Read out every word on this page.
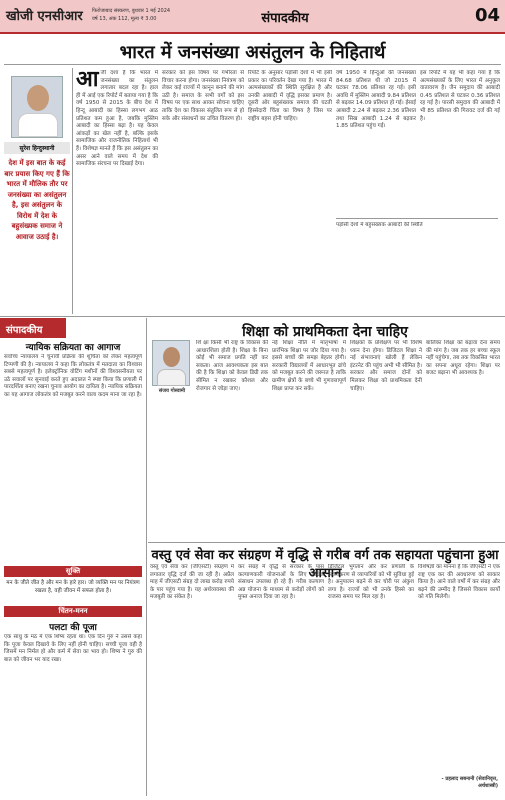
खोजी एनसीआर फिरोजाबाद संस्करण, बुधवार 1 मई 2024
वर्ष 13, अंक 112, मूल्य ₹ 3.00	संपादकीय	04
भारत में जनसंख्या असंतुलन के निहितार्थ
सुरेश हिन्दुस्थानी
देश में इस बात के कई बार प्रयास किए गए हैं कि भारत में मौलिक तौर पर जनसंख्या का असंतुलन है, इस असंतुलन के विरोध में देश के बहुसंख्यक समाज ने आवाज उठाई है।
आ जी दशा है कि भारत में जनसंख्या का संतुलन लगातार बदल रहा है। हाल ही में आई एक रिपोर्ट में बताया गया है कि वर्ष 1950 से 2015 के बीच देश में हिन्दू आबादी का हिस्सा लगभग आठ प्रतिशत कम हुआ है, जबकि मुस्लिम आबादी का हिस्सा बढ़ा है। यह केवल आंकड़ों का खेल नहीं है, बल्कि इसके सामाजिक और राजनीतिक निहितार्थ भी हैं। विशेषज्ञ मानते हैं कि इस असंतुलन का असर आने वाले समय में देश की सामाजिक संरचना पर दिखाई देगा।
सरकार को इस विषय पर गंभीरता से विचार करना होगा। जनसंख्या नियंत्रण को लेकर कई राज्यों में कानून बनाने की मांग उठी है। समाज के सभी वर्गों को इस विषय पर एक साथ आकर सोचना चाहिए ताकि देश का विकास संतुलित रूप से हो सके और संसाधनों का उचित वितरण हो।
रिपोर्ट के अनुसार पड़ोसी देशों में भी इसी प्रकार का परिवर्तन देखा गया है। भारत में अल्पसंख्यकों की स्थिति सुरक्षित है और उनकी आबादी में वृद्धि इसका प्रमाण है। दूसरी ओर बहुसंख्यक समाज की घटती हिस्सेदारी चिंता का विषय है जिस पर राष्ट्रीय बहस होनी चाहिए।
वर्ष 1950 में हिन्दुओं की जनसंख्या 84.68 प्रतिशत थी जो 2015 में घटकर 78.06 प्रतिशत रह गई। इसी अवधि में मुस्लिम आबादी 9.84 प्रतिशत से बढ़कर 14.09 प्रतिशत हो गई। ईसाई आबादी 2.24 से बढ़कर 2.36 प्रतिशत तथा सिख आबादी 1.24 से बढ़कर 1.85 प्रतिशत पहुंच गई।
इस रिपोर्ट में यह भी कहा गया है कि अल्पसंख्यकों के लिए भारत में अनुकूल वातावरण है। जैन समुदाय की आबादी 0.45 प्रतिशत से घटकर 0.36 प्रतिशत रह गई है। पारसी समुदाय की आबादी में भी 85 प्रतिशत की गिरावट दर्ज की गई है।
पड़ोसी देशों में बहुसंख्यक आबादी की स्थिति
संपादकीय
न्यायिक सक्रियता का आगाज
सर्वोच्च न्यायालय ने चुनावी प्रक्रिया की शुचिता को लेकर महत्वपूर्ण टिप्पणी की है। न्यायालय ने कहा कि लोकतंत्र में मतदाता का विश्वास सबसे महत्वपूर्ण है। इलेक्ट्रॉनिक वोटिंग मशीनों की विश्वसनीयता पर उठे सवालों पर सुनवाई करते हुए अदालत ने स्पष्ट किया कि प्रणाली में पारदर्शिता बनाए रखना चुनाव आयोग का दायित्व है। न्यायिक सक्रियता का यह आगाज लोकतंत्र को मजबूत करने वाला कदम माना जा रहा है।
सूक्ति
मन के जीते जीत है और मन के हारे हार। जो व्यक्ति मन पर नियंत्रण रखता है, वही जीवन में सफल होता है।
चिंतन-मनन
पलटा की पूजा
एक साधु के मठ में एक शिष्य रहता था। एक दिन गुरु ने उससे कहा कि पूजा केवल दिखावे के लिए नहीं होनी चाहिए। सच्ची पूजा वही है जिसमें मन निर्मल हो और कर्म में सेवा का भाव हो। शिष्य ने गुरु की बात को जीवन भर याद रखा।
शिक्षा को प्राथमिकता देना चाहिए
संजय गोस्वामी
शि क्षा किसी भी राष्ट्र के विकास की आधारशिला होती है। शिक्षा के बिना कोई भी समाज प्रगति नहीं कर सकता। आज आवश्यकता इस बात की है कि शिक्षा को केवल डिग्री तक सीमित न रखकर कौशल और रोजगार से जोड़ा जाए।
नई शिक्षा नीति में मातृभाषा में प्रारंभिक शिक्षा पर जोर दिया गया है। इससे बच्चों की समझ बेहतर होगी। सरकारी विद्यालयों में आधारभूत ढांचे को मजबूत करने की जरूरत है ताकि ग्रामीण क्षेत्रों के बच्चे भी गुणवत्तापूर्ण शिक्षा प्राप्त कर सकें।
शिक्षकों के प्रशिक्षण पर भी विशेष ध्यान देना होगा। डिजिटल शिक्षा ने नई संभावनाएं खोली हैं लेकिन इंटरनेट की पहुंच अभी भी सीमित है। सरकार और समाज दोनों को मिलकर शिक्षा को प्राथमिकता देनी चाहिए।
बालिका शिक्षा को बढ़ावा देना समय की मांग है। जब तक हर बच्चा स्कूल नहीं पहुंचेगा, तब तक विकसित भारत का सपना अधूरा रहेगा। शिक्षा पर बजट बढ़ाना भी आवश्यक है।
वस्तु एवं सेवा कर संग्रहण में वृद्धि से गरीब वर्ग तक सहायता पहुंचाना हुआ आसान
वस्तु एवं सेवा कर (जीएसटी) संग्रहण में लगातार वृद्धि दर्ज की जा रही है। अप्रैल माह में जीएसटी संग्रह दो लाख करोड़ रुपये के पार पहुंच गया है। यह अर्थव्यवस्था की मजबूती का संकेत है।
कर संग्रह में वृद्धि से सरकार के पास कल्याणकारी योजनाओं के लिए अधिक संसाधन उपलब्ध हो रहे हैं। गरीब कल्याण अन्न योजना के माध्यम से करोड़ों लोगों को मुफ्त अनाज दिया जा रहा है।
डिजिटल भुगतान और कर प्रणाली के सरलीकरण से व्यापारियों को भी सुविधा हुई है। अनुपालन बढ़ने से कर चोरी पर अंकुश लगा है। राज्यों को भी उनके हिस्से का राजस्व समय पर मिल रहा है।
विशेषज्ञों का मानना है कि जीएसटी ने एक राष्ट्र एक कर की अवधारणा को साकार किया है। आने वाले वर्षों में कर संग्रह और बढ़ने की उम्मीद है जिससे विकास कार्यों को गति मिलेगी।
- प्रहलाद सबनानी (सेवानिवृत्त, अर्थशास्त्री)
